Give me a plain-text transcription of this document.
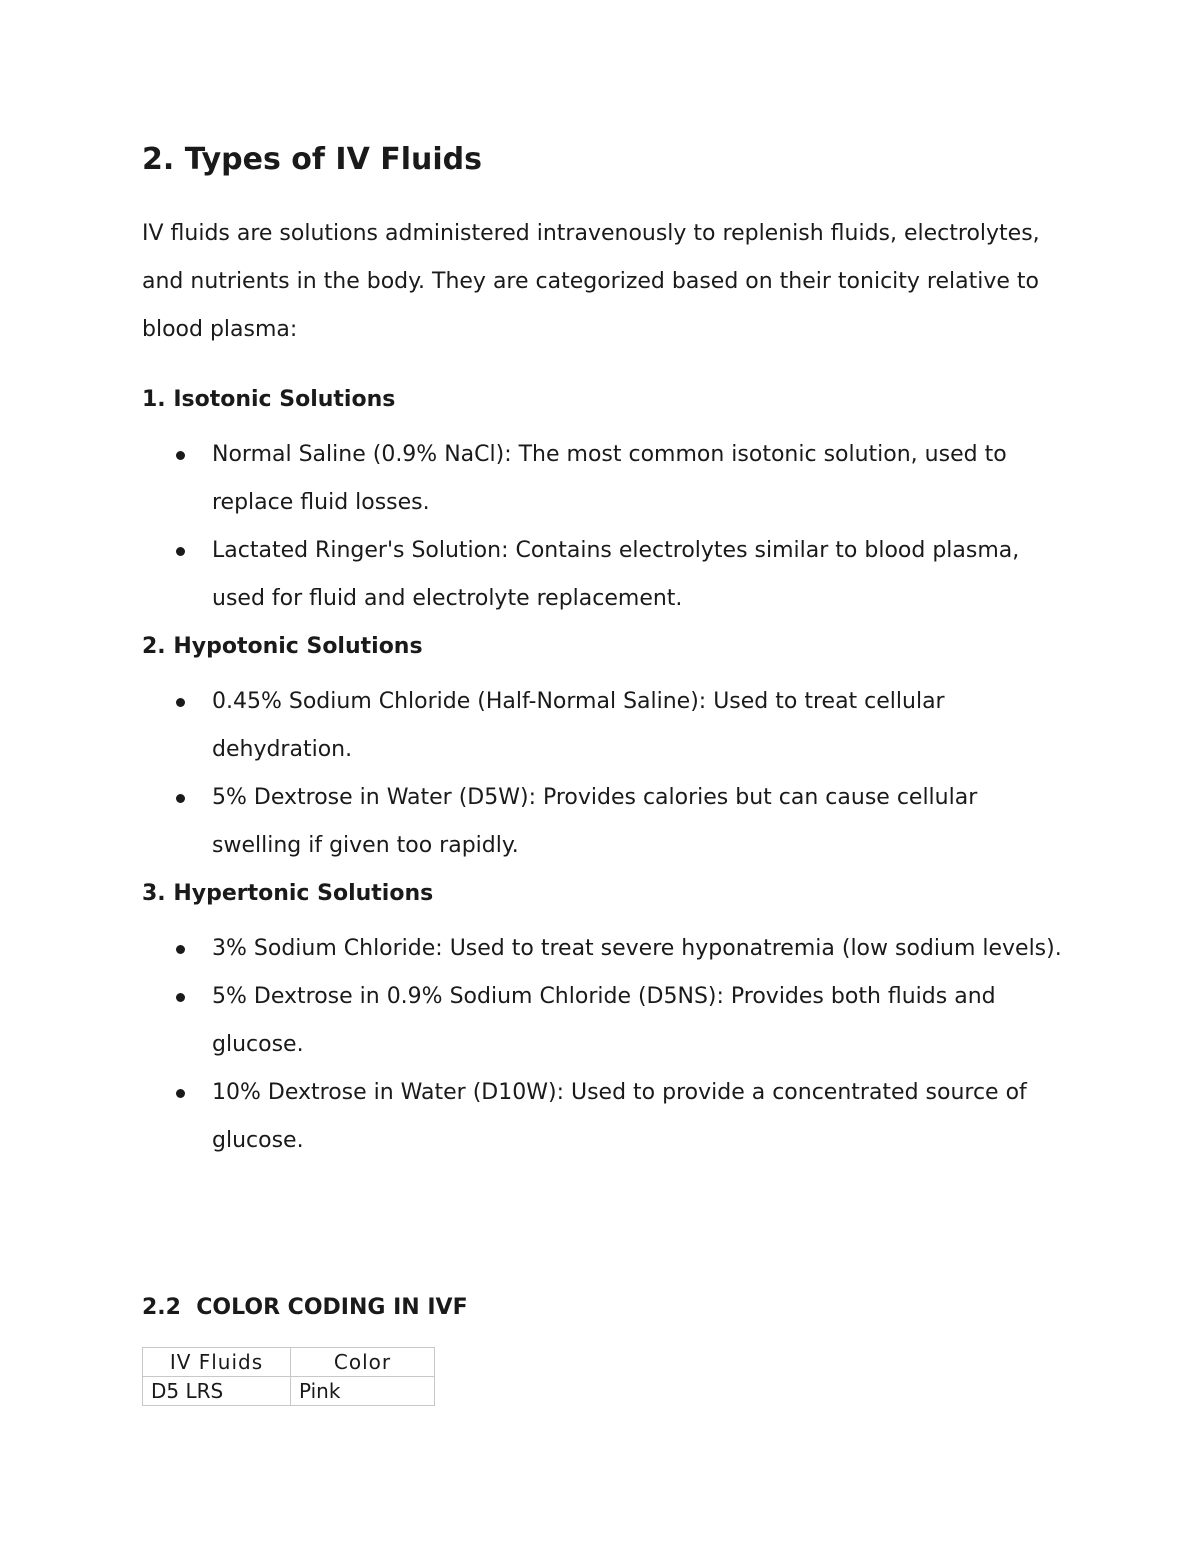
2. Types of IV Fluids

IV fluids are solutions administered intravenously to replenish fluids, electrolytes, and nutrients in the body. They are categorized based on their tonicity relative to blood plasma:

1. Isotonic Solutions
Normal Saline (0.9% NaCl): The most common isotonic solution, used to replace fluid losses.
Lactated Ringer's Solution: Contains electrolytes similar to blood plasma, used for fluid and electrolyte replacement.
2. Hypotonic Solutions
0.45% Sodium Chloride (Half-Normal Saline): Used to treat cellular dehydration.
5% Dextrose in Water (D5W): Provides calories but can cause cellular swelling if given too rapidly.
3. Hypertonic Solutions
3% Sodium Chloride: Used to treat severe hyponatremia (low sodium levels).
5% Dextrose in 0.9% Sodium Chloride (D5NS): Provides both fluids and glucose.
10% Dextrose in Water (D10W): Used to provide a concentrated source of glucose.
2.2  COLOR CODING IN IVF
IV Fluids	Color
D5 LRS	Pink
